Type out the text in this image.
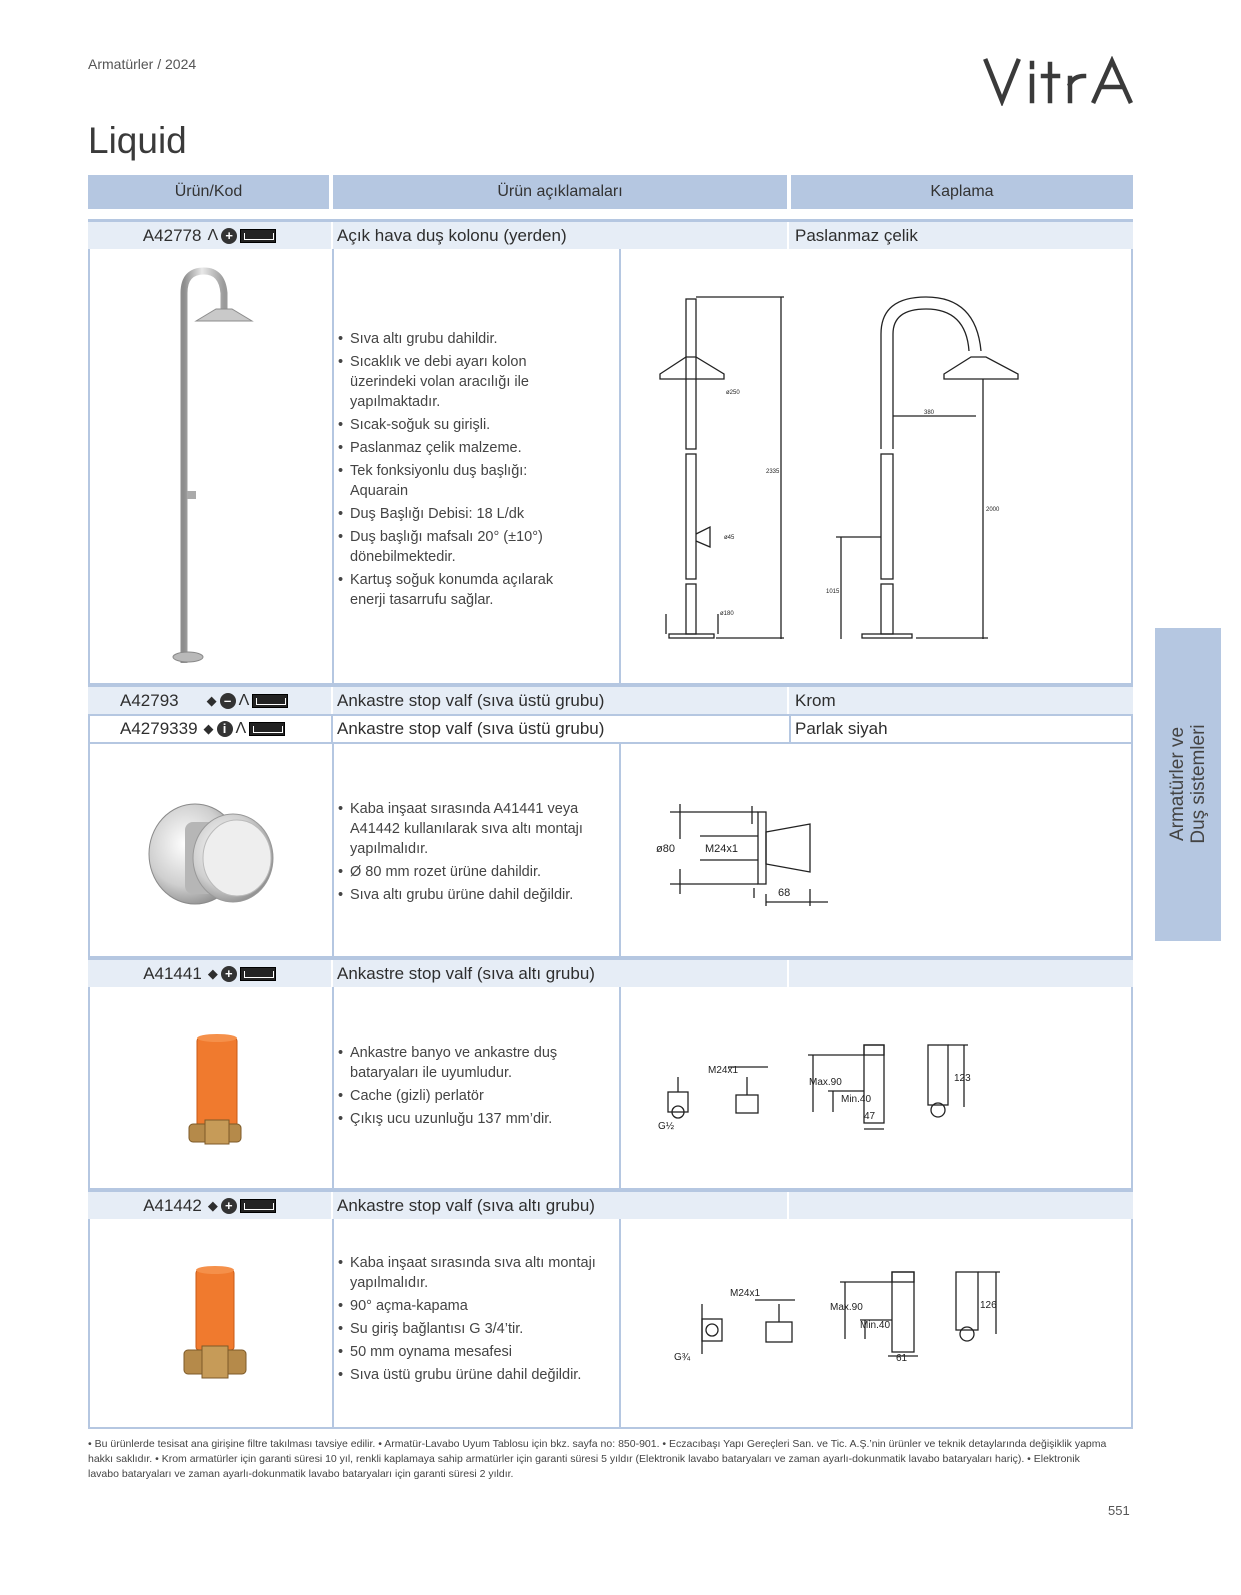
Armatürler / 2024
Liquid
Ürün/Kod	Ürün açıklamaları	Kaplama
A42778 Λ +	Açık hava duş kolonu (yerden)	Paslanmaz çelik
• Sıva altı grubu dahildir.
• Sıcaklık ve debi ayarı kolon üzerindeki volan aracılığı ile yapılmaktadır.
• Sıcak-soğuk su girişli.
• Paslanmaz çelik malzeme.
• Tek fonksiyonlu duş başlığı: Aquarain
• Duş Başlığı Debisi: 18 L/dk
• Duş başlığı mafsalı 20° (±10°) dönebilmektedir.
• Kartuş soğuk konumda açılarak enerji tasarrufu sağlar.
ø250
2335
ø45
ø180
380
2000
1015
A42793 ◆ – Λ	Ankastre stop valf (sıva üstü grubu)	Krom
A4279339 ◆ i Λ	Ankastre stop valf (sıva üstü grubu)	Parlak siyah
• Kaba inşaat sırasında A41441 veya A41442 kullanılarak sıva altı montajı yapılmalıdır.
• Ø 80 mm rozet ürüne dahildir.
• Sıva altı grubu ürüne dahil değildir.
ø80	M24x1
68
A41441 ◆ +	Ankastre stop valf (sıva altı grubu)
• Ankastre banyo ve ankastre duş bataryaları ile uyumludur.
• Cache (gizli) perlatör
• Çıkış ucu uzunluğu 137 mm’dir.
M24x1
G½
Max.90
Min.40
47
123
A41442 ◆ +	Ankastre stop valf (sıva altı grubu)
• Kaba inşaat sırasında sıva altı montajı yapılmalıdır.
• 90° açma-kapama
• Su giriş bağlantısı G 3/4’tir.
• 50 mm oynama mesafesi
• Sıva üstü grubu ürüne dahil değildir.
M24x1
G¾
Max.90
Min.40
61
126
Armatürler ve Duş sistemleri
• Bu ürünlerde tesisat ana girişine filtre takılması tavsiye edilir. • Armatür-Lavabo Uyum Tablosu için bkz. sayfa no: 850-901. • Eczacıbaşı Yapı Gereçleri San. ve Tic. A.Ş.’nin ürünler ve teknik detaylarında değişiklik yapma hakkı saklıdır. • Krom armatürler için garanti süresi 10 yıl, renkli kaplamaya sahip armatürler için garanti süresi 5 yıldır (Elektronik lavabo bataryaları ve zaman ayarlı-dokunmatik lavabo bataryaları hariç). • Elektronik lavabo bataryaları ve zaman ayarlı-dokunmatik lavabo bataryaları için garanti süresi 2 yıldır.
551
